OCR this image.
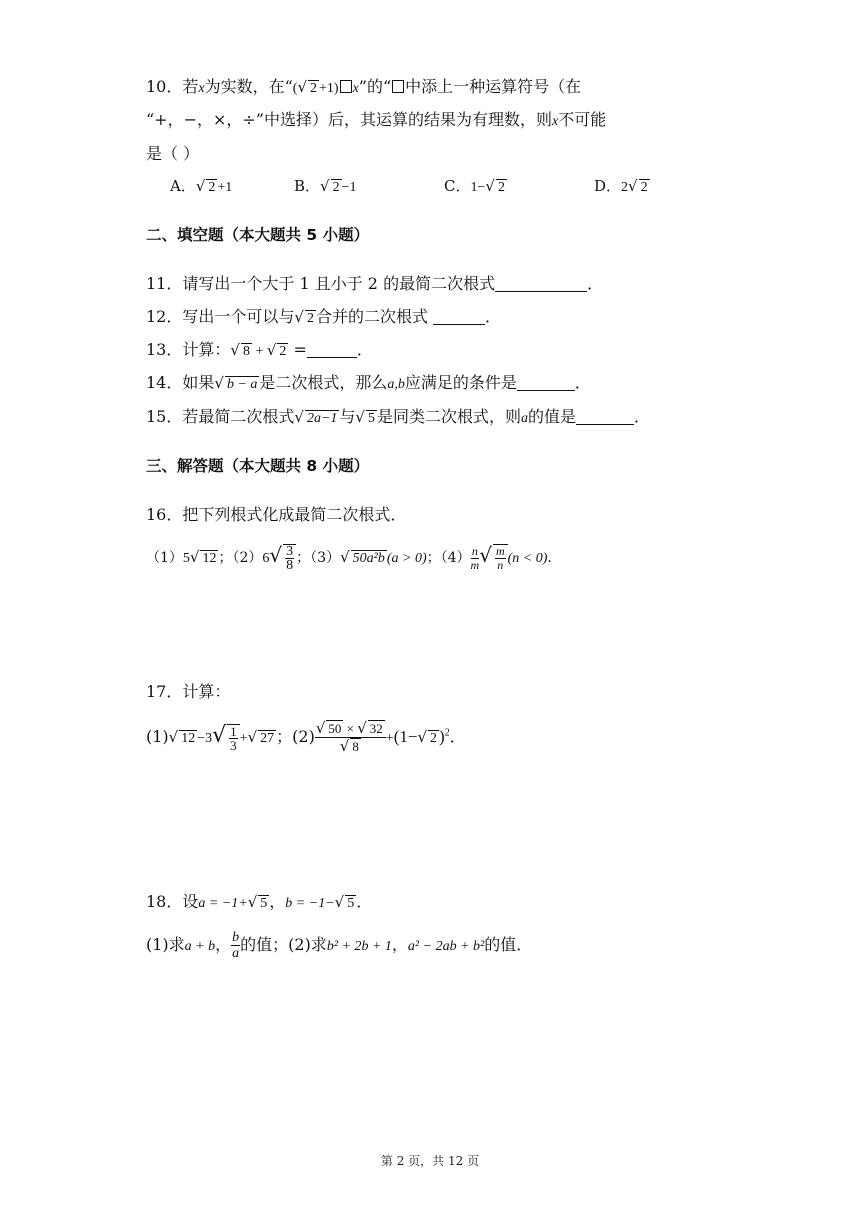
10．若x为实数，在“(√ 2 +1) x”的“ 中添上一种运算符号（在
“+，−，×，÷”中选择）后，其运算的结果为有理数，则x不可能
是（ ）
A．√ 2 +1	B．√ 2 −1	C．1−√ 2	D．2√ 2
二、填空题（本大题共 5 小题）
11．请写出一个大于 1 且小于 2 的最简二次根式	．
12．写出一个可以与√ 2 合并的二次根式	．
13．计算：√ 8 + √ 2 =	．
14．如果√ b − a 是二次根式，那么a,b应满足的条件是	．
15．若最简二次根式√ 2a−1 与√ 5 是同类二次根式，则a的值是	．
三、解答题（本大题共 8 小题）
16．把下列根式化成最简二次根式．
（1）5√ 12 ；$(2)6√ \frac{3}{8}$ ；（3）√ 50a²b (a > 0)；$(4) \frac{n}{m}$ √ $\frac{m}{n} (n < 0)$．
17．计算：
(1)√ $12 -3√ \frac{1}{3}$ +√ 27 ；$(2) \frac{√ 50 \times √ 32}{√ 8} +(1-√$ 2 )$^2$．
18．设a = −1+√ 5 ，b = −1−√ 5 ．
(1)求a + b， $\frac{b}{a}$ 的值；(2)求b² + 2b + 1，a² − 2ab + b²的值．
第 2 页，共 12 页
